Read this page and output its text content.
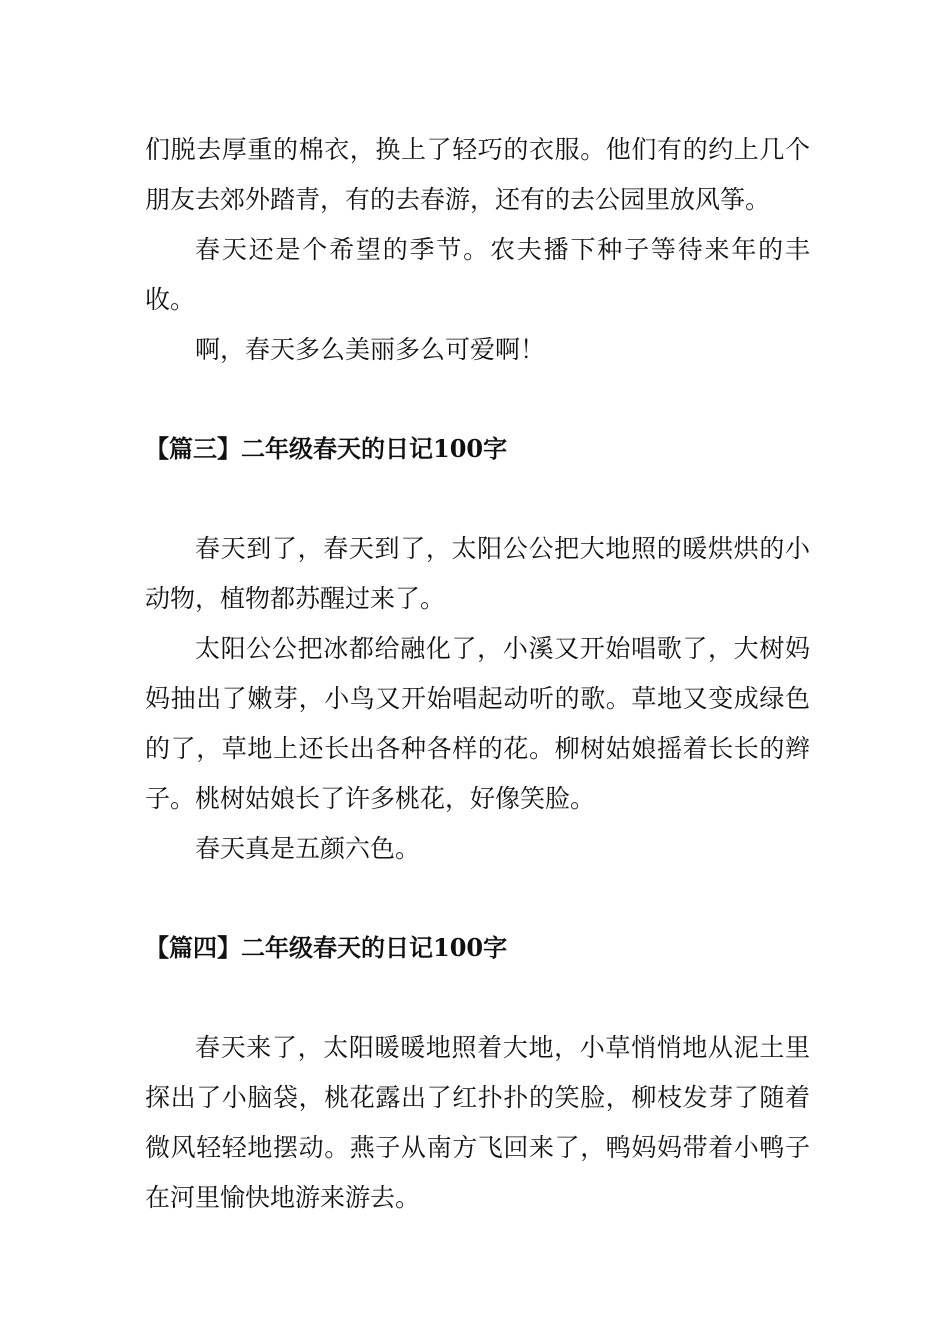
们脱去厚重的棉衣，换上了轻巧的衣服。他们有的约上几个朋友去郊外踏青，有的去春游，还有的去公园里放风筝。

春天还是个希望的季节。农夫播下种子等待来年的丰收。

啊，春天多么美丽多么可爱啊！

【篇三】二年级春天的日记100字

春天到了，春天到了，太阳公公把大地照的暖烘烘的小动物，植物都苏醒过来了。

太阳公公把冰都给融化了，小溪又开始唱歌了，大树妈妈抽出了嫩芽，小鸟又开始唱起动听的歌。草地又变成绿色的了，草地上还长出各种各样的花。柳树姑娘摇着长长的辫子。桃树姑娘长了许多桃花，好像笑脸。

春天真是五颜六色。

【篇四】二年级春天的日记100字

春天来了，太阳暖暖地照着大地，小草悄悄地从泥土里探出了小脑袋，桃花露出了红扑扑的笑脸，柳枝发芽了随着微风轻轻地摆动。燕子从南方飞回来了，鸭妈妈带着小鸭子在河里愉快地游来游去。
